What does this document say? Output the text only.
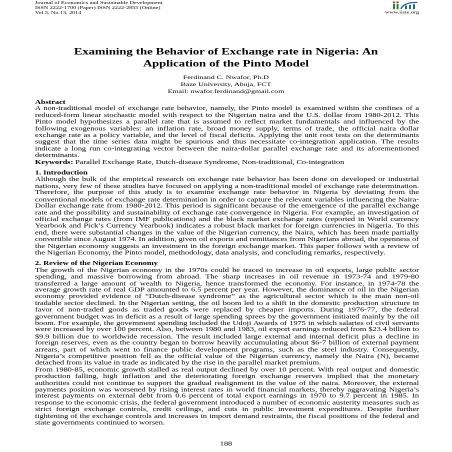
Journal of Economics and Sustainable Development
ISSN 2222-1700 (Paper) ISSN 2222-2855 (Online)
Vol.5, No.13, 2014	www.iiste.org
Examining the Behavior of Exchange rate in Nigeria: An
Application of the Pinto Model
Ferdinand C. Nwafor, Ph.D
Baze University, Abuja, FCT
Email: nwafor.ferdinand@gmail.com
Abstract

A non-traditional model of exchange rate behavior, namely, the Pinto model is examined within the confines of a reduced-form linear stochastic model with respect to the Nigerian naira and the U.S. dollar from 1980-2012. This Pinto model hypothesizes a parallel rate that is assumed to reflect market fundamentals and influenced by the following exogenous variables: an inflation rate, broad money supply, terms of trade, the official naira dollar exchange rate as a policy variable, and the level of fiscal deficits. Applying the unit root tests on the determinants suggest that the time series data might be spurious and thus necessitate co-integration application. The results indicate a long run co-integrating vector between the naira-dollar parallel exchange rate and its aforementioned determinants.

Keywords: Parallel Exchange Rate, Dutch-disease Syndrome, Non-traditional, Co-integration

1. Introduction

Although the bulk of the empirical research on exchange rate behavior has been done on developed or industrial nations, very few of these studies have focused on applying a non-traditional model of exchange rate determination. Therefore, the purpose of this study is to examine exchange rate behavior in Nigeria by deviating from the conventional models of exchange rate determination in order to capture the relevant variables influencing the Naira-Dollar exchange rate from 1980-2012. This period is significant because of the emergence of the parallel exchange rate and the possibility and sustainability of exchange rate convergence in Nigeria. For example, an investigation of official exchange rates (from IMF publications) and the black market exchange rates (reported in World currency Yearbook and Pick’s Currency Yearbook) indicates a robust black market for foreign currencies in Nigeria. To this end, there were substantial changes in the value of the Nigerian currency, the Naira, which has been made partially convertible since August 1974. In addition, given oil exports and remittances from Nigerians abroad, the openness of the Nigerian economy suggests an investment in the foreign exchange market. This paper follows with a review of the Nigerian Economy, the Pinto model, methodology, data analysis, and concluding remarks, respectively.

2. Review of the Nigerian Economy

The growth of the Nigerian economy in the 1970s could be traced to increase in oil exports, large public sector spending, and massive borrowing from abroad. The sharp increases in oil revenue in 1973-74 and 1979-80 transferred a large amount of wealth to Nigeria, hence transformed the economy. For instance, in 1974-78 the average growth rate of real GDP amounted to 6.5 percent per year. However, the dominance of oil in the Nigerian economy provided evidence of “Dutch-disease syndrome” as the agricultural sector which is the main non-oil tradable sector declined. In the Nigerian setting, the oil boom led to a shift in the domestic production structure in favor of non-traded goods as traded goods were replaced by cheaper imports. During 1976-77, the federal government budget was in deficit as a result of large spending sprees by the government initiated mainly by the oil boom. For example, the government spending included the Udoji Awards of 1975 in which salaries of civil servants were increased by over 100 percent. Also, between 1980 and 1983, oil export earnings reduced from $23.4 billion to $9.9 billion due to worldwide recession. The result included large external and internal deficit plus a decline in foreign reserves, even as the country began to borrow heavily accumulating about $6-7 billion of external payment arrears, part of which went to finance public development programs, such as the steel industry. Consequently, Nigeria’s competitive position fell as the official value of the Nigerian currency, namely the Naira (N), became detached from its value in trade as indicated by the rise in the parallel market premium.

From 1980-85, economic growth stalled as real output declined by over 10 percent. With real output and domestic production falling, high inflation and the deteriorating foreign exchange reserves implied that the monetary authorities could not continue to support the gradual realignment in the value of the naira. Moreover, the external payments position was worsened by rising interest rates in world financial markets, thereby aggravating Nigeria’s interest payments on external debt from 0.6 percent of total export earnings in 1970 to 9.7 percent in 1985. In response to the economic crisis, the federal government introduced a number of economic austerity measures such as strict foreign exchange controls, credit ceilings, and cuts in public investment expenditures. Despite further tightening of the exchange controls and increases in import demand restraints, the fiscal positions of the federal and state governments continued to worsen.

188
